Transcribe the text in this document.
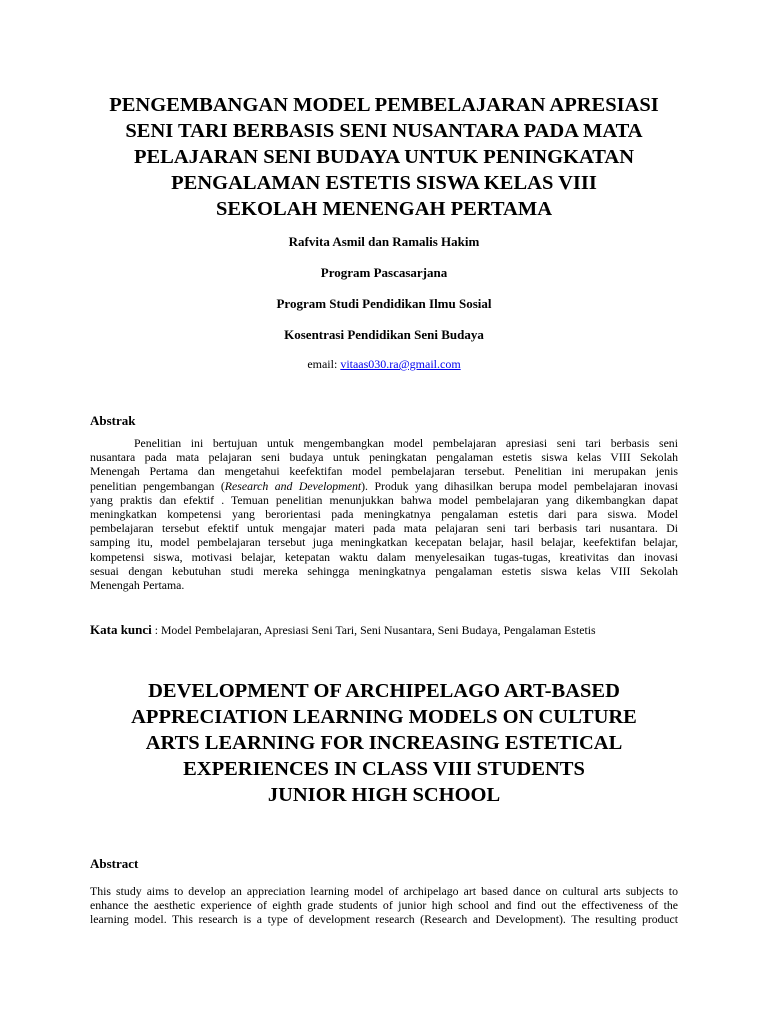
PENGEMBANGAN MODEL PEMBELAJARAN APRESIASI
SENI TARI BERBASIS SENI NUSANTARA PADA MATA
PELAJARAN SENI BUDAYA UNTUK PENINGKATAN
PENGALAMAN ESTETIS SISWA KELAS VIII
SEKOLAH MENENGAH PERTAMA
Rafvita Asmil dan Ramalis Hakim
Program Pascasarjana
Program Studi Pendidikan Ilmu Sosial
Kosentrasi Pendidikan Seni Budaya
email: vitaas030.ra@gmail.com
Abstrak
Penelitian ini bertujuan untuk mengembangkan model pembelajaran apresiasi seni tari berbasis seni
nusantara pada mata pelajaran seni budaya untuk peningkatan pengalaman estetis siswa kelas VIII Sekolah
Menengah Pertama dan mengetahui keefektifan model pembelajaran tersebut. Penelitian ini merupakan jenis
penelitian pengembangan (Research and Development). Produk yang dihasilkan berupa model pembelajaran inovasi
yang praktis dan efektif . Temuan penelitian menunjukkan bahwa model pembelajaran yang dikembangkan dapat
meningkatkan kompetensi yang berorientasi pada meningkatnya pengalaman estetis dari para siswa. Model
pembelajaran tersebut efektif untuk mengajar materi pada mata pelajaran seni tari berbasis tari nusantara. Di
samping itu, model pembelajaran tersebut juga meningkatkan kecepatan belajar, hasil belajar, keefektifan belajar,
kompetensi siswa, motivasi belajar, ketepatan waktu dalam menyelesaikan tugas-tugas, kreativitas dan inovasi
sesuai dengan kebutuhan studi mereka sehingga meningkatnya pengalaman estetis siswa kelas VIII Sekolah
Menengah Pertama.
Kata kunci : Model Pembelajaran, Apresiasi Seni Tari, Seni Nusantara, Seni Budaya, Pengalaman Estetis
DEVELOPMENT OF ARCHIPELAGO ART-BASED
APPRECIATION LEARNING MODELS ON CULTURE
ARTS LEARNING FOR INCREASING ESTETICAL
EXPERIENCES IN CLASS VIII STUDENTS
JUNIOR HIGH SCHOOL
Abstract
This study aims to develop an appreciation learning model of archipelago art based dance on cultural arts subjects to
enhance the aesthetic experience of eighth grade students of junior high school and find out the effectiveness of the
learning model. This research is a type of development research (Research and Development). The resulting product
